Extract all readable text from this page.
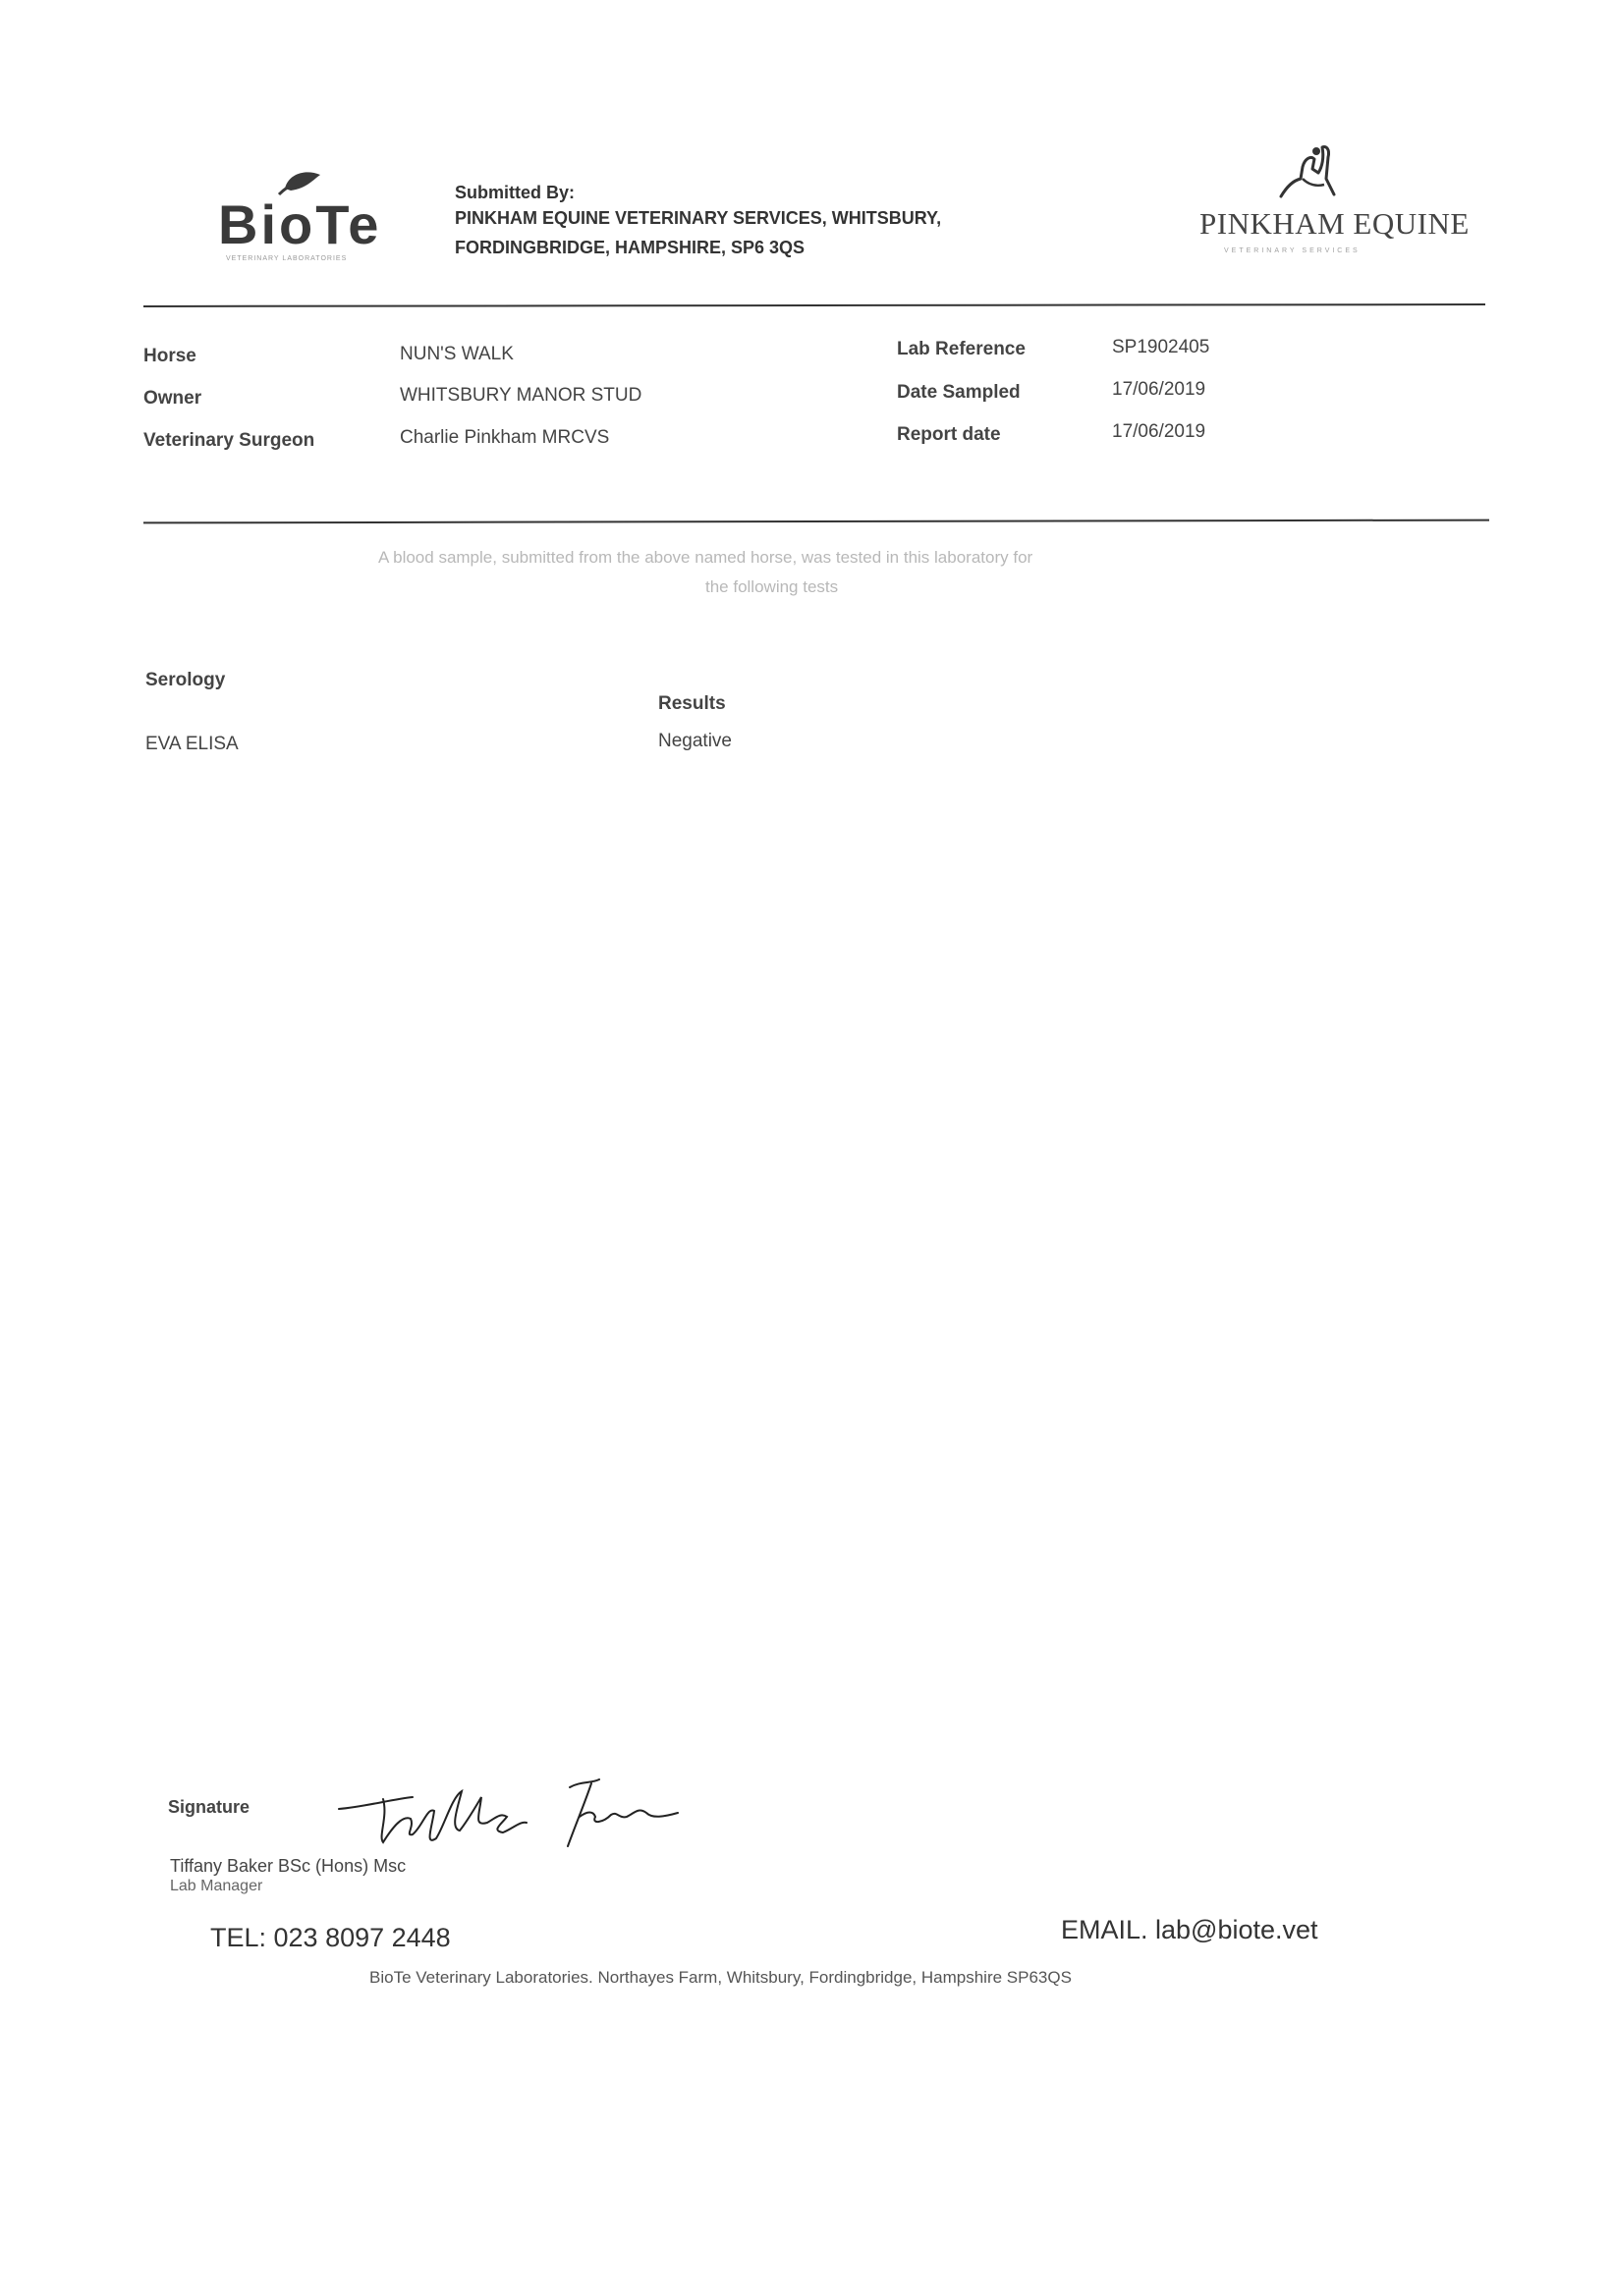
BioTe
VETERINARY LABORATORIES
Submitted By:
PINKHAM EQUINE VETERINARY SERVICES, WHITSBURY,
FORDINGBRIDGE, HAMPSHIRE, SP6 3QS
PINKHAM EQUINE
VETERINARY SERVICES
Horse	NUN'S WALK
Owner	WHITSBURY MANOR STUD
Veterinary Surgeon	Charlie Pinkham MRCVS
Lab Reference	SP1902405
Date Sampled	17/06/2019
Report date	17/06/2019
A blood sample, submitted from the above named horse, was tested in this laboratory for
the following tests
Serology
Results
EVA ELISA	Negative
Signature
Tiffany Baker BSc (Hons) Msc
Lab Manager
TEL: 023 8097 2448	EMAIL. lab@biote.vet
BioTe Veterinary Laboratories. Northayes Farm, Whitsbury, Fordingbridge, Hampshire SP63QS
